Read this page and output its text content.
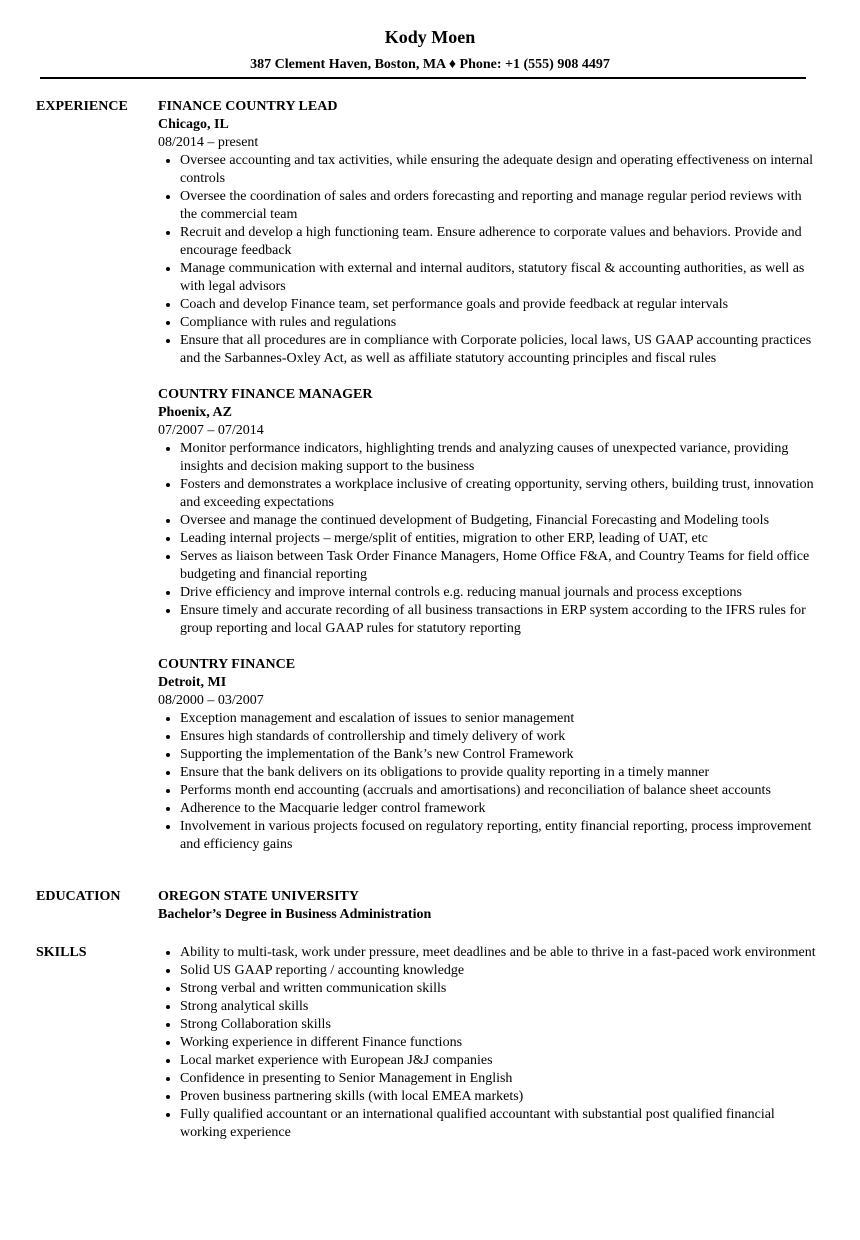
Kody Moen
387 Clement Haven, Boston, MA ♦ Phone: +1 (555) 908 4497
EXPERIENCE FINANCE COUNTRY LEAD
Chicago, IL
08/2014 – present
Oversee accounting and tax activities, while ensuring the adequate design and operating effectiveness on internal controls
Oversee the coordination of sales and orders forecasting and reporting and manage regular period reviews with the commercial team
Recruit and develop a high functioning team. Ensure adherence to corporate values and behaviors. Provide and encourage feedback
Manage communication with external and internal auditors, statutory fiscal & accounting authorities, as well as with legal advisors
Coach and develop Finance team, set performance goals and provide feedback at regular intervals
Compliance with rules and regulations
Ensure that all procedures are in compliance with Corporate policies, local laws, US GAAP accounting practices and the Sarbannes-Oxley Act, as well as affiliate statutory accounting principles and fiscal rules
COUNTRY FINANCE MANAGER
Phoenix, AZ
07/2007 – 07/2014
Monitor performance indicators, highlighting trends and analyzing causes of unexpected variance, providing insights and decision making support to the business
Fosters and demonstrates a workplace inclusive of creating opportunity, serving others, building trust, innovation and exceeding expectations
Oversee and manage the continued development of Budgeting, Financial Forecasting and Modeling tools
Leading internal projects – merge/split of entities, migration to other ERP, leading of UAT, etc
Serves as liaison between Task Order Finance Managers, Home Office F&A, and Country Teams for field office budgeting and financial reporting
Drive efficiency and improve internal controls e.g. reducing manual journals and process exceptions
Ensure timely and accurate recording of all business transactions in ERP system according to the IFRS rules for group reporting and local GAAP rules for statutory reporting
COUNTRY FINANCE
Detroit, MI
08/2000 – 03/2007
Exception management and escalation of issues to senior management
Ensures high standards of controllership and timely delivery of work
Supporting the implementation of the Bank’s new Control Framework
Ensure that the bank delivers on its obligations to provide quality reporting in a timely manner
Performs month end accounting (accruals and amortisations) and reconciliation of balance sheet accounts
Adherence to the Macquarie ledger control framework
Involvement in various projects focused on regulatory reporting, entity financial reporting, process improvement and efficiency gains
EDUCATION	OREGON STATE UNIVERSITY
Bachelor’s Degree in Business Administration
SKILLS	Ability to multi-task, work under pressure, meet deadlines and be able to thrive in a fast-paced work environment
Solid US GAAP reporting / accounting knowledge
Strong verbal and written communication skills
Strong analytical skills
Strong Collaboration skills
Working experience in different Finance functions
Local market experience with European J&J companies
Confidence in presenting to Senior Management in English
Proven business partnering skills (with local EMEA markets)
Fully qualified accountant or an international qualified accountant with substantial post qualified financial working experience
